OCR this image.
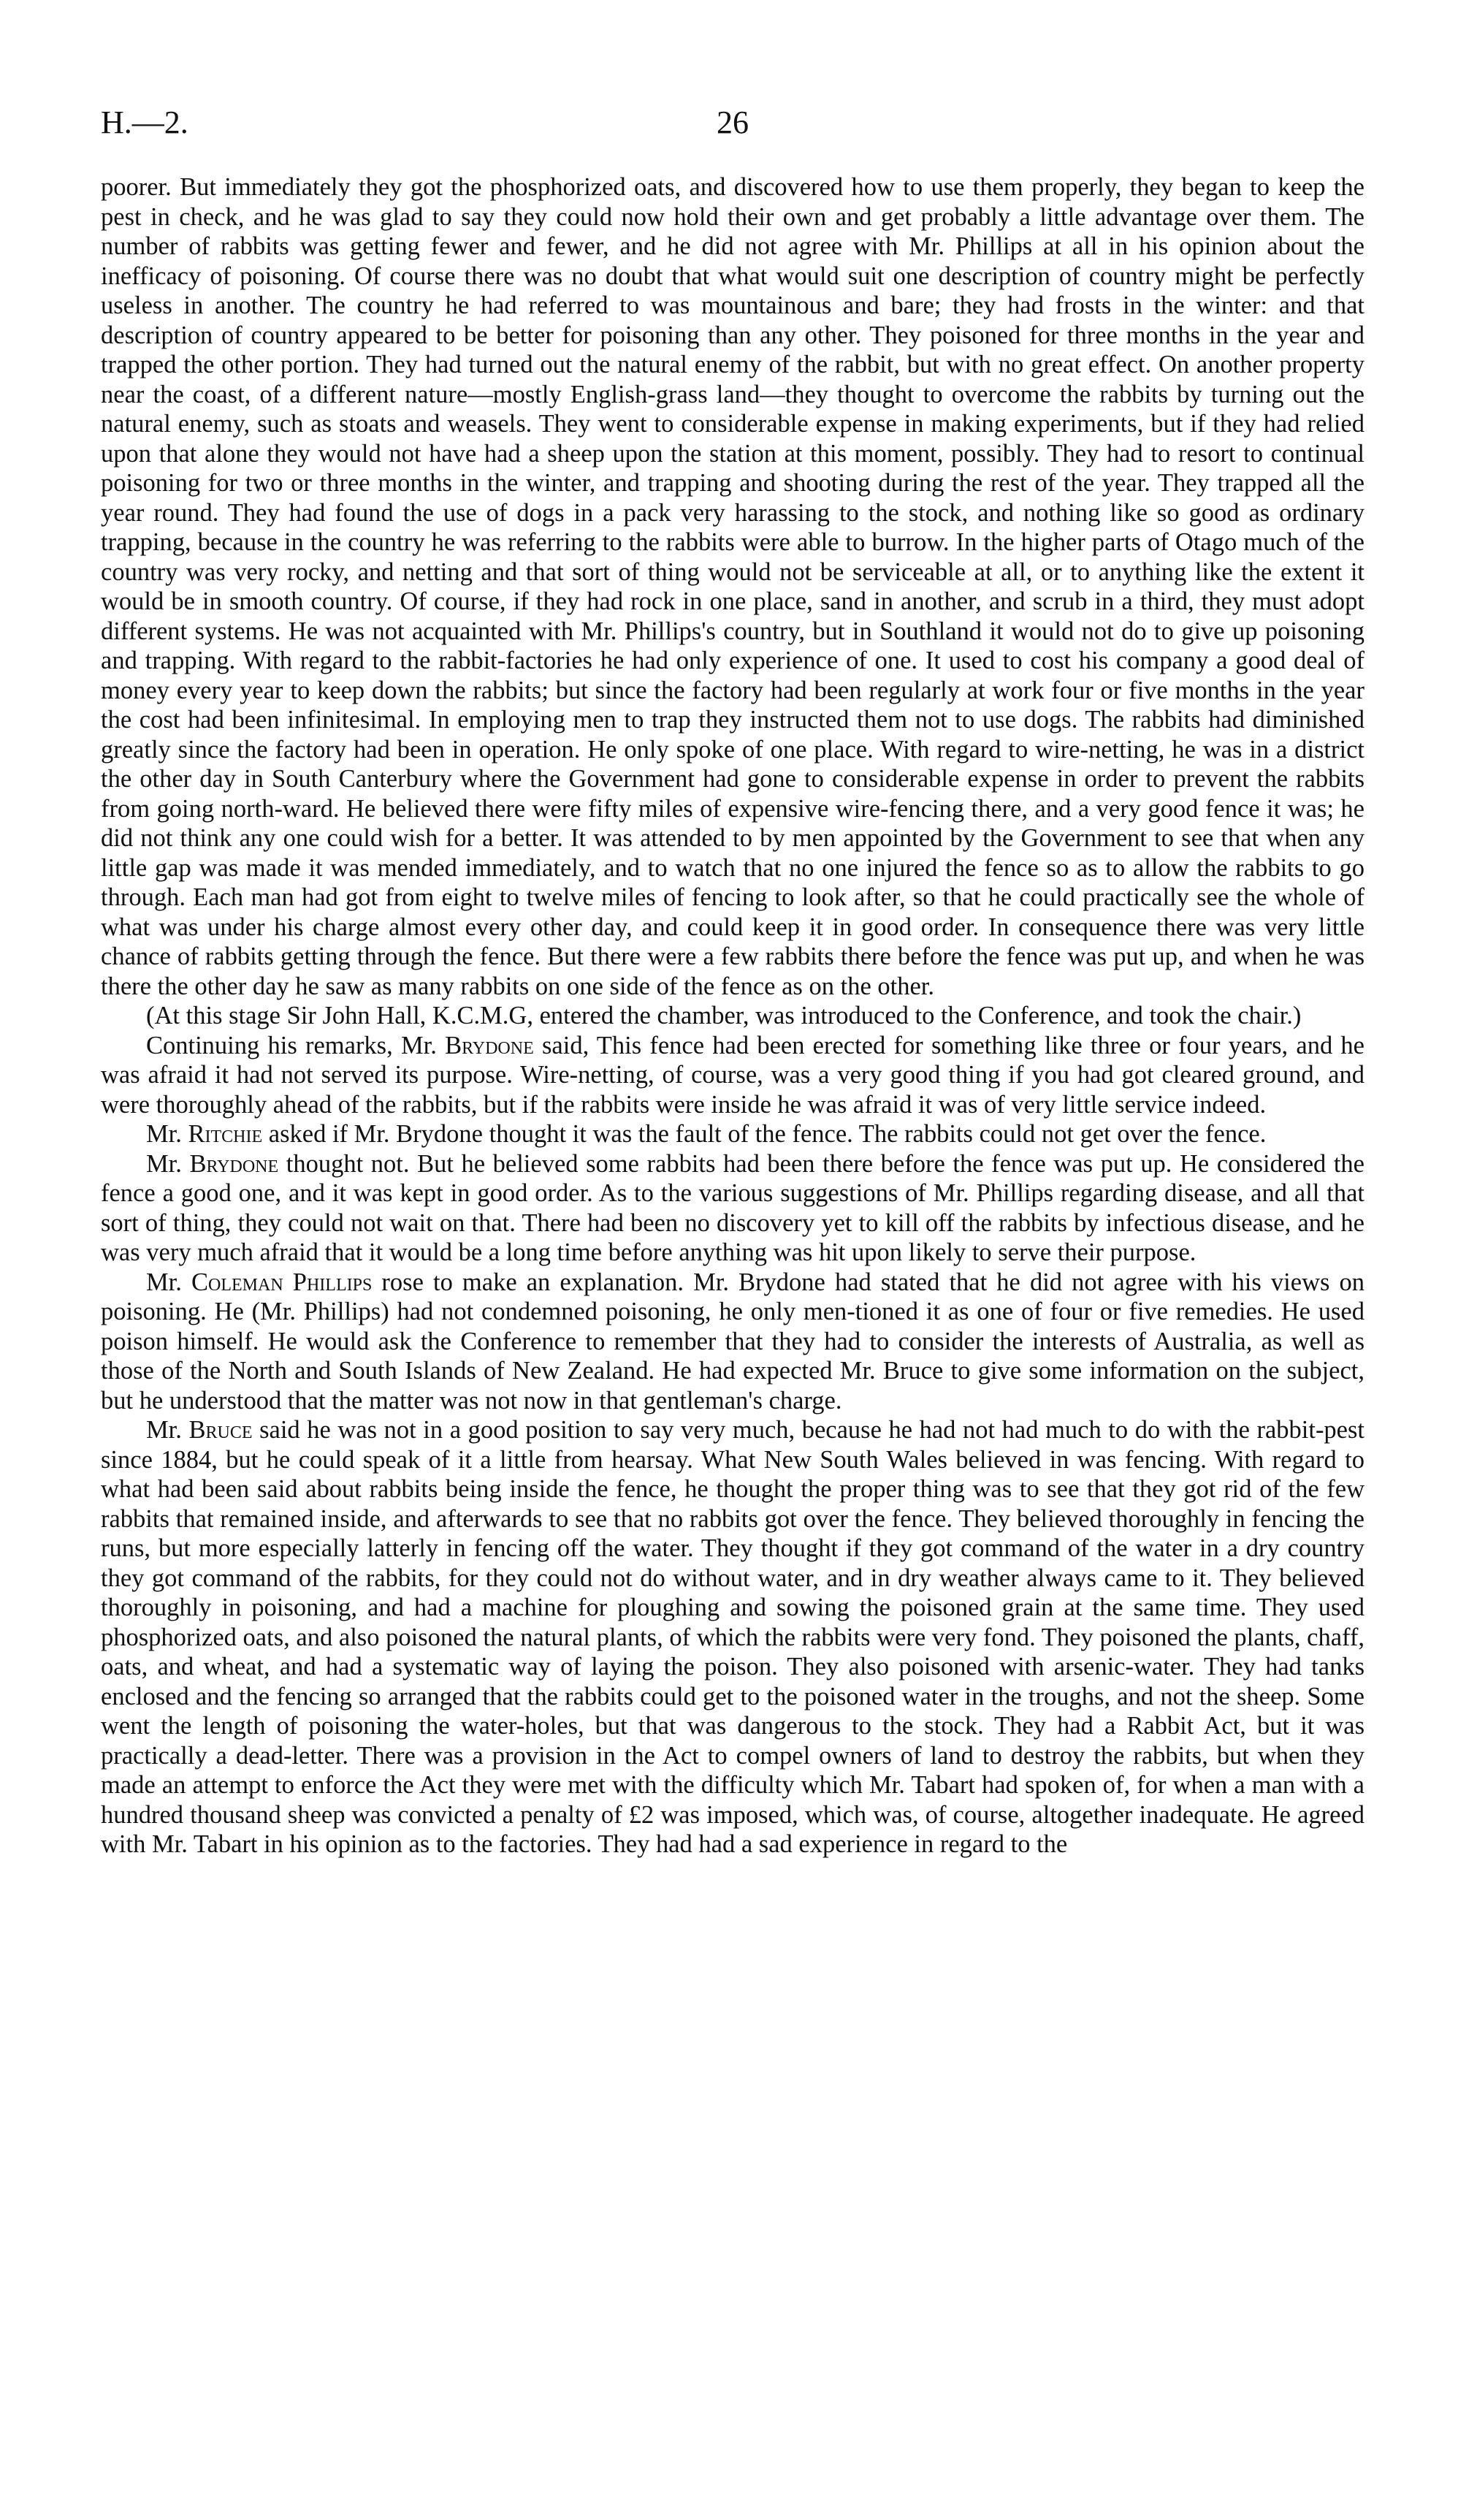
H.—2.	26

poorer. But immediately they got the phosphorized oats, and discovered how to use them properly, they began to keep the pest in check, and he was glad to say they could now hold their own and get probably a little advantage over them. The number of rabbits was getting fewer and fewer, and he did not agree with Mr. Phillips at all in his opinion about the inefficacy of poisoning. Of course there was no doubt that what would suit one description of country might be perfectly useless in another. The country he had referred to was mountainous and bare; they had frosts in the winter: and that description of country appeared to be better for poisoning than any other. They poisoned for three months in the year and trapped the other portion. They had turned out the natural enemy of the rabbit, but with no great effect. On another property near the coast, of a different nature—mostly English-grass land—they thought to overcome the rabbits by turning out the natural enemy, such as stoats and weasels. They went to considerable expense in making experiments, but if they had relied upon that alone they would not have had a sheep upon the station at this moment, possibly. They had to resort to continual poisoning for two or three months in the winter, and trapping and shooting during the rest of the year. They trapped all the year round. They had found the use of dogs in a pack very harassing to the stock, and nothing like so good as ordinary trapping, because in the country he was referring to the rabbits were able to burrow. In the higher parts of Otago much of the country was very rocky, and netting and that sort of thing would not be serviceable at all, or to anything like the extent it would be in smooth country. Of course, if they had rock in one place, sand in another, and scrub in a third, they must adopt different systems. He was not acquainted with Mr. Phillips's country, but in Southland it would not do to give up poisoning and trapping. With regard to the rabbit-factories he had only experience of one. It used to cost his company a good deal of money every year to keep down the rabbits; but since the factory had been regularly at work four or five months in the year the cost had been infinitesimal. In employing men to trap they instructed them not to use dogs. The rabbits had diminished greatly since the factory had been in operation. He only spoke of one place. With regard to wire-netting, he was in a district the other day in South Canterbury where the Government had gone to considerable expense in order to prevent the rabbits from going north-ward. He believed there were fifty miles of expensive wire-fencing there, and a very good fence it was; he did not think any one could wish for a better. It was attended to by men appointed by the Government to see that when any little gap was made it was mended immediately, and to watch that no one injured the fence so as to allow the rabbits to go through. Each man had got from eight to twelve miles of fencing to look after, so that he could practically see the whole of what was under his charge almost every other day, and could keep it in good order. In consequence there was very little chance of rabbits getting through the fence. But there were a few rabbits there before the fence was put up, and when he was there the other day he saw as many rabbits on one side of the fence as on the other.

(At this stage Sir John Hall, K.C.M.G, entered the chamber, was introduced to the Conference, and took the chair.)

Continuing his remarks, Mr. Brydone said, This fence had been erected for something like three or four years, and he was afraid it had not served its purpose. Wire-netting, of course, was a very good thing if you had got cleared ground, and were thoroughly ahead of the rabbits, but if the rabbits were inside he was afraid it was of very little service indeed.

Mr. Ritchie asked if Mr. Brydone thought it was the fault of the fence. The rabbits could not get over the fence.

Mr. Brydone thought not. But he believed some rabbits had been there before the fence was put up. He considered the fence a good one, and it was kept in good order. As to the various suggestions of Mr. Phillips regarding disease, and all that sort of thing, they could not wait on that. There had been no discovery yet to kill off the rabbits by infectious disease, and he was very much afraid that it would be a long time before anything was hit upon likely to serve their purpose.

Mr. Coleman Phillips rose to make an explanation. Mr. Brydone had stated that he did not agree with his views on poisoning. He (Mr. Phillips) had not condemned poisoning, he only men-tioned it as one of four or five remedies. He used poison himself. He would ask the Conference to remember that they had to consider the interests of Australia, as well as those of the North and South Islands of New Zealand. He had expected Mr. Bruce to give some information on the subject, but he understood that the matter was not now in that gentleman's charge.

Mr. Bruce said he was not in a good position to say very much, because he had not had much to do with the rabbit-pest since 1884, but he could speak of it a little from hearsay. What New South Wales believed in was fencing. With regard to what had been said about rabbits being inside the fence, he thought the proper thing was to see that they got rid of the few rabbits that remained inside, and afterwards to see that no rabbits got over the fence. They believed thoroughly in fencing the runs, but more especially latterly in fencing off the water. They thought if they got command of the water in a dry country they got command of the rabbits, for they could not do without water, and in dry weather always came to it. They believed thoroughly in poisoning, and had a machine for ploughing and sowing the poisoned grain at the same time. They used phosphorized oats, and also poisoned the natural plants, of which the rabbits were very fond. They poisoned the plants, chaff, oats, and wheat, and had a systematic way of laying the poison. They also poisoned with arsenic-water. They had tanks enclosed and the fencing so arranged that the rabbits could get to the poisoned water in the troughs, and not the sheep. Some went the length of poisoning the water-holes, but that was dangerous to the stock. They had a Rabbit Act, but it was practically a dead-letter. There was a provision in the Act to compel owners of land to destroy the rabbits, but when they made an attempt to enforce the Act they were met with the difficulty which Mr. Tabart had spoken of, for when a man with a hundred thousand sheep was convicted a penalty of £2 was imposed, which was, of course, altogether inadequate. He agreed with Mr. Tabart in his opinion as to the factories. They had had a sad experience in regard to the
